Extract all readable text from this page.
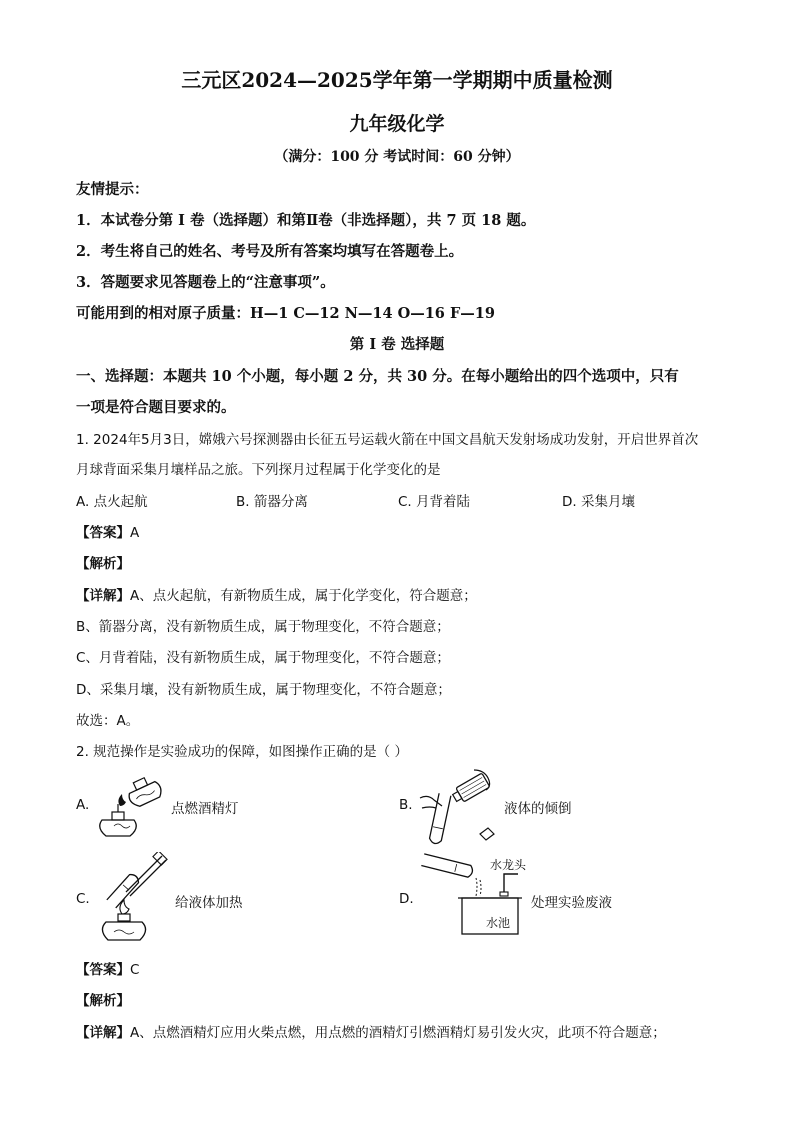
三元区2024—2025学年第一学期期中质量检测
九年级化学
（满分：100 分 考试时间：60 分钟）
友情提示：
1．本试卷分第 I 卷（选择题）和第Ⅱ卷（非选择题），共 7 页 18 题。
2．考生将自己的姓名、考号及所有答案均填写在答题卷上。
3．答题要求见答题卷上的“注意事项”。
可能用到的相对原子质量：H—1 C—12 N—14 O—16 F—19
第 I 卷 选择题
一、选择题：本题共 10 个小题，每小题 2 分，共 30 分。在每小题给出的四个选项中，只有
一项是符合题目要求的。
1. 2024年5月3日，嫦娥六号探测器由长征五号运载火箭在中国文昌航天发射场成功发射，开启世界首次
月球背面采集月壤样品之旅。下列探月过程属于化学变化的是
A. 点火起航	B. 箭器分离	C. 月背着陆	D. 采集月壤
【答案】A
【解析】
【详解】A、点火起航，有新物质生成，属于化学变化，符合题意；
B、箭器分离，没有新物质生成，属于物理变化，不符合题意；
C、月背着陆，没有新物质生成，属于物理变化，不符合题意；
D、采集月壤，没有新物质生成，属于物理变化，不符合题意；
故选：A。
2. 规范操作是实验成功的保障，如图操作正确的是（ ）
A.	点燃酒精灯	B.	液体的倾倒
C.	给液体加热	D.
水龙头
水池
处理实验废液
【答案】C
【解析】
【详解】A、点燃酒精灯应用火柴点燃，用点燃的酒精灯引燃酒精灯易引发火灾，此项不符合题意；
